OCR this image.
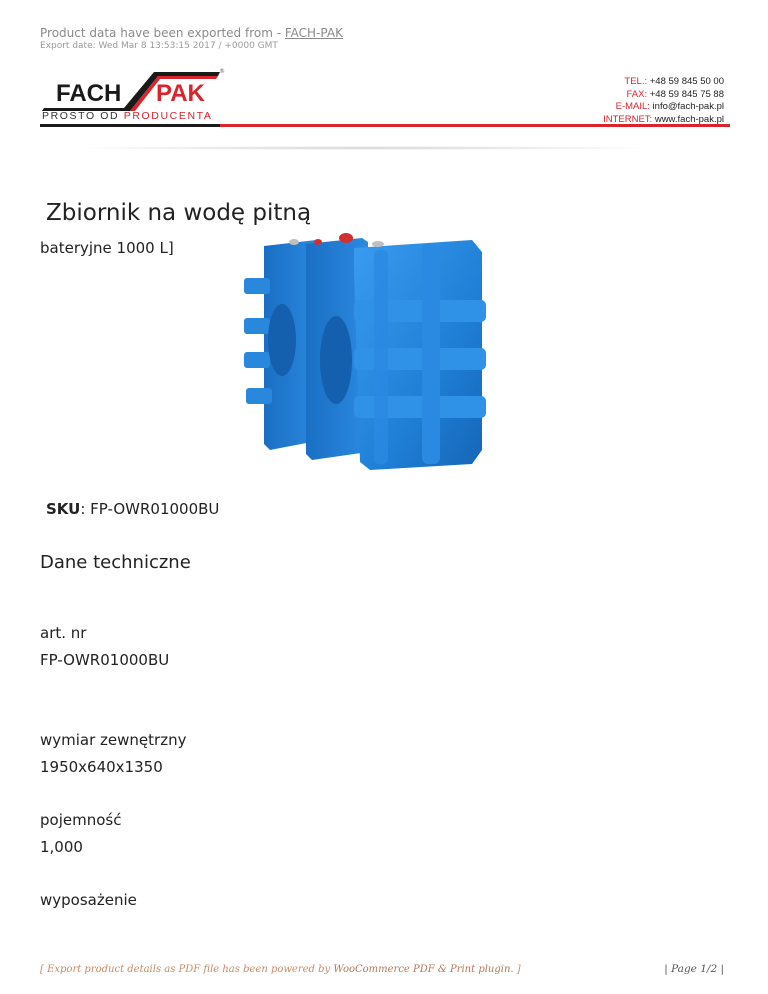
Product data have been exported from - FACH-PAK
Export date: Wed Mar 8 13:53:15 2017 / +0000 GMT
FACH PAK
®
PROSTO OD PRODUCENTA
TEL.: +48 59 845 50 00
FAX: +48 59 845 75 88
E-MAIL: info@fach-pak.pl
INTERNET: www.fach-pak.pl
Zbiornik na wodę pitną
bateryjne 1000 L]
SKU: FP-OWR01000BU
Dane techniczne
art. nr
FP-OWR01000BU
wymiar zewnętrzny
1950x640x1350
pojemność
1,000
wyposażenie
[ Export product details as PDF file has been powered by WooCommerce PDF & Print plugin. ]	| Page 1/2 |
